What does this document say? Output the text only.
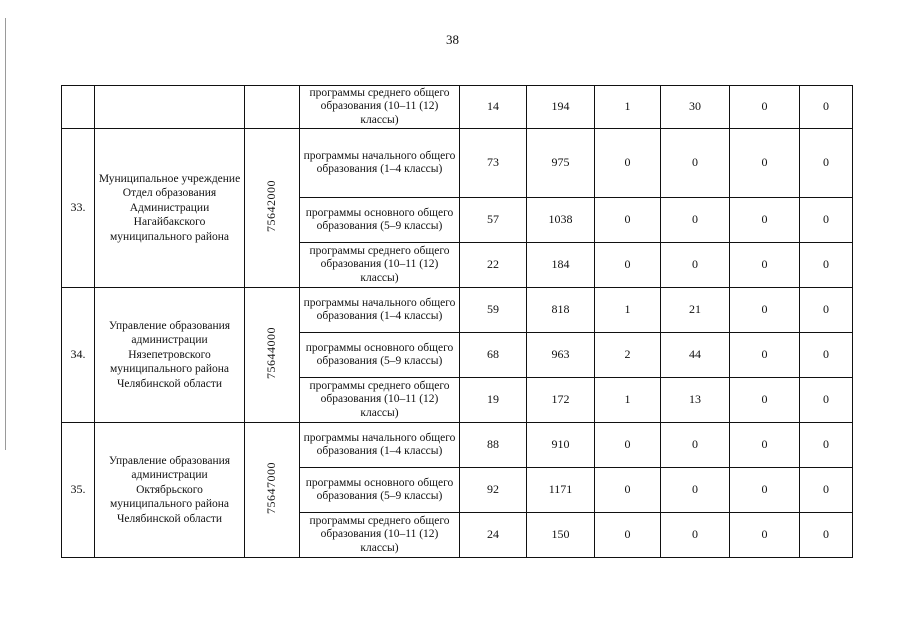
38
			программы среднего общего образования (10–11 (12) классы)	14	194	1	30	0	0
33.	Муниципальное учреждение Отдел образования Администрации Нагайбакского муниципального района	75642000	программы начального общего образования (1–4 классы)	73	975	0	0	0	0
			программы основного общего образования (5–9 классы)	57	1038	0	0	0	0
			программы среднего общего образования (10–11 (12) классы)	22	184	0	0	0	0
34.	Управление образования администрации Нязепетровского муниципального района Челябинской области	75644000	программы начального общего образования (1–4 классы)	59	818	1	21	0	0
			программы основного общего образования (5–9 классы)	68	963	2	44	0	0
			программы среднего общего образования (10–11 (12) классы)	19	172	1	13	0	0
35.	Управление образования администрации Октябрьского муниципального района Челябинской области	75647000	программы начального общего образования (1–4 классы)	88	910	0	0	0	0
			программы основного общего образования (5–9 классы)	92	1171	0	0	0	0
			программы среднего общего образования (10–11 (12) классы)	24	150	0	0	0	0
